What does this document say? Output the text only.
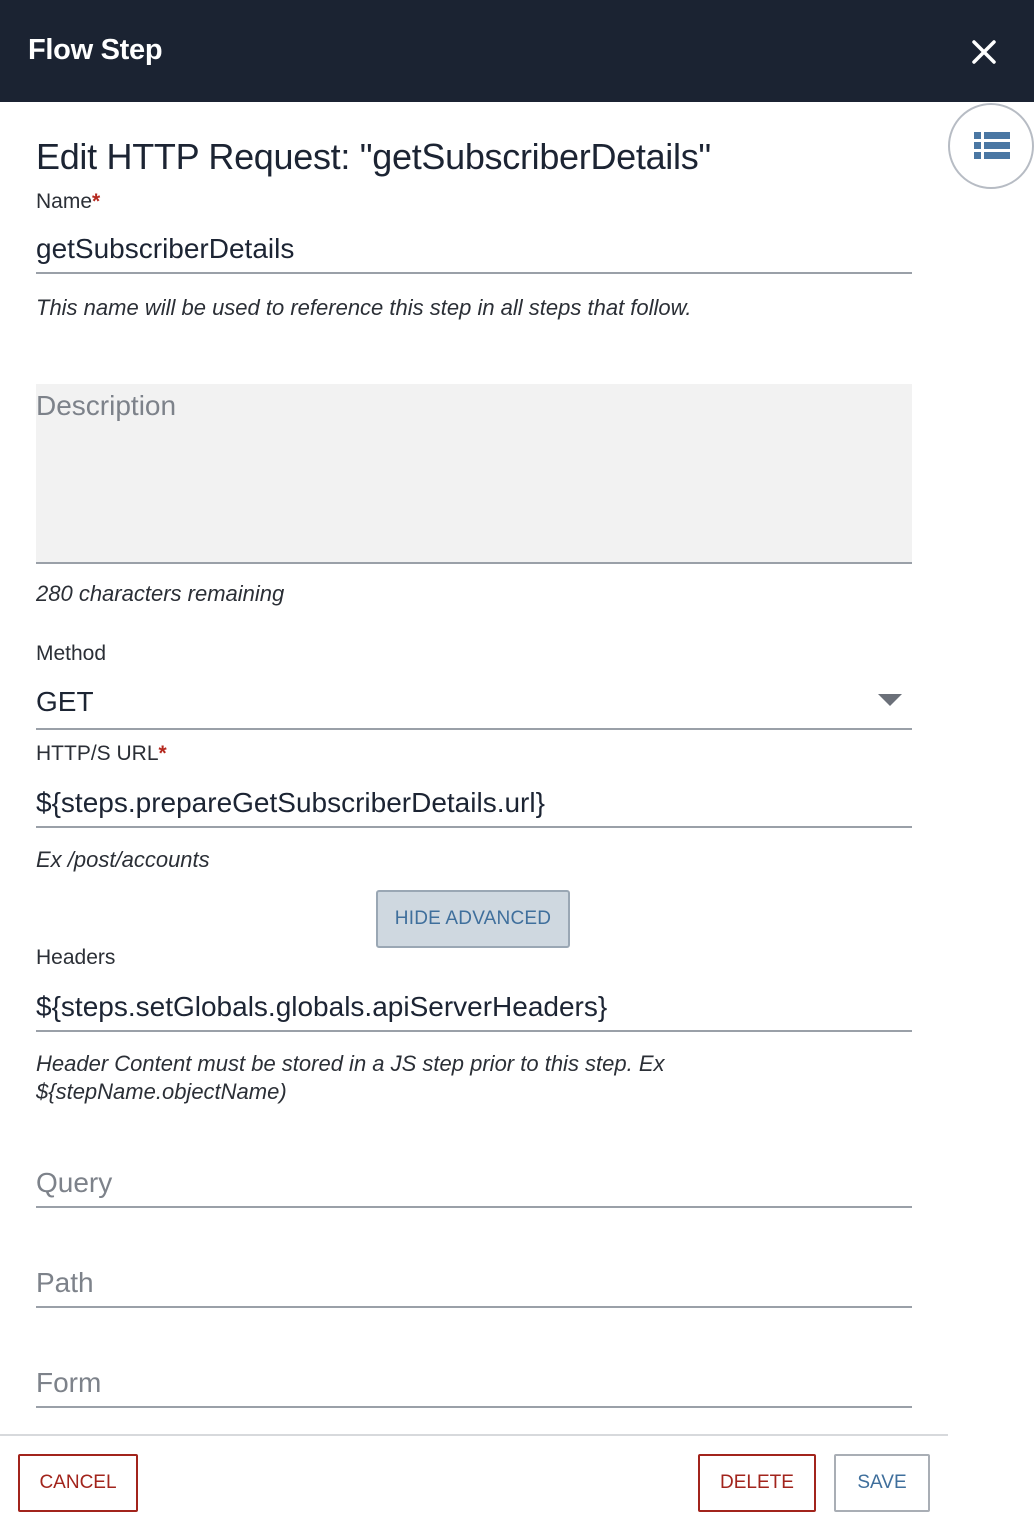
Flow Step
Edit HTTP Request: "getSubscriberDetails"
Name*
getSubscriberDetails
This name will be used to reference this step in all steps that follow.
Description
280 characters remaining
Method
GET
HTTP/S URL*
${steps.prepareGetSubscriberDetails.url}
Ex /post/accounts
HIDE ADVANCED
Headers
${steps.setGlobals.globals.apiServerHeaders}
Header Content must be stored in a JS step prior to this step. Ex
${stepName.objectName)
Query
Path
Form
CANCEL	DELETE	SAVE
